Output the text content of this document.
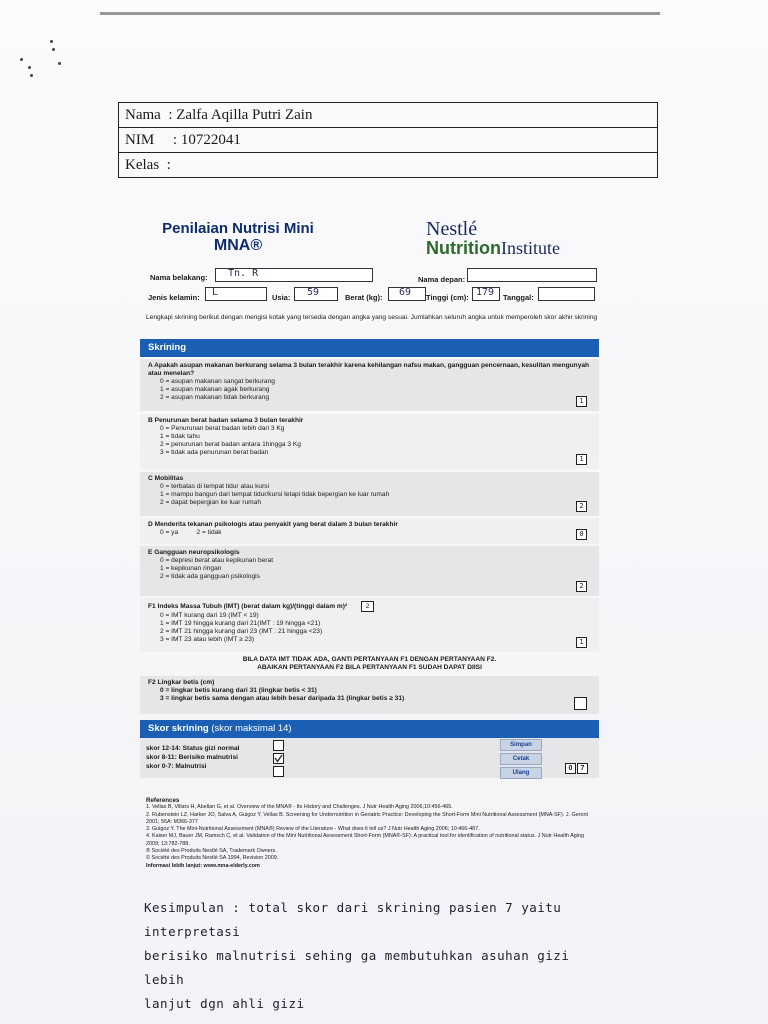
Nama  : Zalfa Aqilla Putri Zain
NIM     : 10722041
Kelas  :
Penilaian Nutrisi Mini
MNA®
Nestlé
NutritionInstitute
Nama belakang: Tn. R
Nama depan:
Jenis kelamin: L	Usia: 59	Berat (kg): 69 Tinggi (cm): 179 Tanggal:
Lengkapi skrining berikut dengan mengisi kotak yang tersedia dengan angka yang sesuai. Jumlahkan seluruh angka untuk memperoleh skor akhir skrining
Skrining
A Apakah asupan makanan berkurang selama 3 bulan terakhir karena kehilangan nafsu makan, gangguan pencernaan, kesulitan mengunyah atau menelan?
0 = asupan makanan sangat berkurang
1 = asupan makanan agak berkurang
2 = asupan makanan tidak berkurang	1
B Penurunan berat badan selama 3 bulan terakhir
0 = Penurunan berat badan lebih dari 3 Kg
1 = tidak tahu
2 = penurunan berat badan antara 1hingga 3 Kg
3 = tidak ada penurunan berat badan
1
C Mobilitas
0 = terbatas di tempat tidur atau kursi
1 = mampu bangun dari tempat tidur/kursi tetapi tidak bepergian ke luar rumah
2 = dapat bepergian ke luar rumah	2
D Menderita tekanan psikologis atau penyakit yang berat dalam 3 bulan terakhir
0 = ya          2 = tidak	0
E Gangguan neuropsikologis
0 = depresi berat atau kepikunan berat
1 = kepikunan ringan
2 = tidak ada gangguan psikologis
2
F1 Indeks Massa Tubuh (IMT) (berat dalam kg)/(tinggi dalam m)²	2
0 = IMT kurang dari 19 (IMT < 19)
1 = IMT 19 hingga kurang dari 21(IMT : 19 hingga <21)
2 = IMT 21 hingga kurang dari 23 (IMT : 21 hingga <23)
3 = IMT 23 atau lebih (IMT ≥ 23)	1
BILA DATA IMT TIDAK ADA, GANTI PERTANYAAN F1 DENGAN PERTANYAAN F2.
ABAIKAN PERTANYAAN F2 BILA PERTANYAAN F1 SUDAH DAPAT DIISI
F2 Lingkar betis (cm)
0 = lingkar betis kurang dari 31 (lingkar betis < 31)
3 = lingkar betis sama dengan atau lebih besar daripada 31 (lingkar betis ≥ 31)
Skor skrining (skor maksimal 14)
skor 12-14: Status gizi normal
skor 8-11: Berisiko malnutrisi
skor 0-7: Malnutrisi
Simpan
Cetak
Ulang
0	7
References
1. Vellas B, Villars H, Abellan G, et al. Overview of the MNA® - Its History and Challenges. J Nutr Health Aging 2006;10:456-465.
2. Rubenstein LZ, Harker JO, Salva A, Guigoz Y, Vellas B. Screening for Undernutrition in Geriatric Practice: Developing the Short-Form Mini Nutritional Assessment (MNA-SF). J. Geront 2001; 56A: M366-377
3. Guigoz Y. The Mini-Nutritional Assessment (MNA®) Review of the Literature - What does it tell us? J Nutr Health Aging 2006; 10:466-487.
4. Kaiser MJ, Bauer JM, Ramsch C, et al. Validation of the Mini Nutritional Assessment Short-Form (MNA®-SF): A practical tool for identification of nutritional status. J Nutr Health Aging 2009; 13:782-788.
® Société des Produits Nestlé SA, Trademark Owners.
© Société des Produits Nestlé SA 1994, Revision 2009.
Informasi lebih lanjut: www.mna-elderly.com
Kesimpulan : total skor dari skrining pasien 7 yaitu interpretasi
berisiko malnutrisi sehing ga membutuhkan asuhan gizi lebih
lanjut dgn ahli gizi
